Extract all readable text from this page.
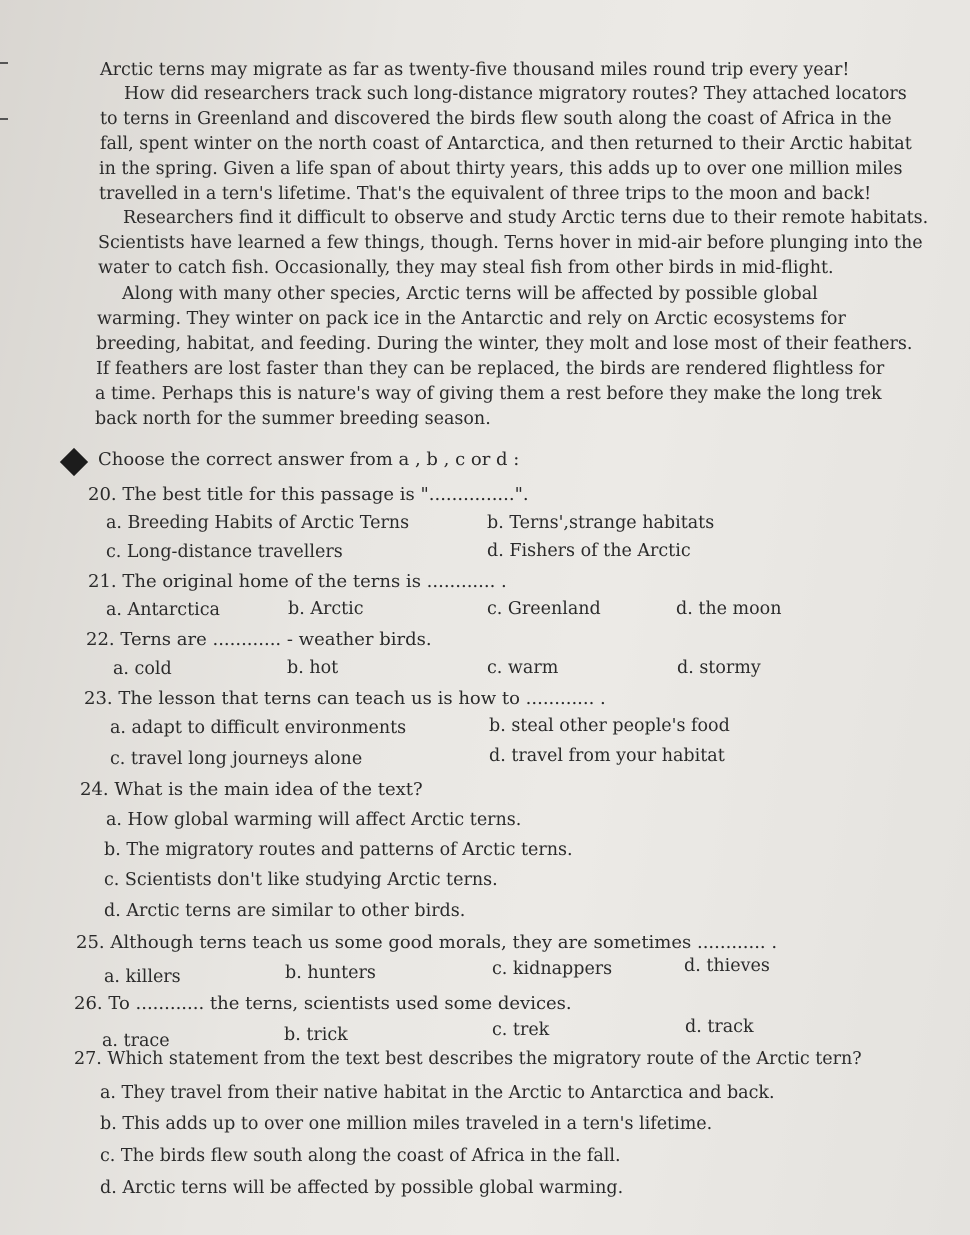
Arctic terns may migrate as far as twenty-five thousand miles round trip every year!
How did researchers track such long-distance migratory routes? They attached locators
to terns in Greenland and discovered the birds flew south along the coast of Africa in the
fall, spent winter on the north coast of Antarctica, and then returned to their Arctic habitat
in the spring. Given a life span of about thirty years, this adds up to over one million miles
travelled in a tern's lifetime. That's the equivalent of three trips to the moon and back!
Researchers find it difficult to observe and study Arctic terns due to their remote habitats.
Scientists have learned a few things, though. Terns hover in mid-air before plunging into the
water to catch fish. Occasionally, they may steal fish from other birds in mid-flight.
Along with many other species, Arctic terns will be affected by possible global
warming. They winter on pack ice in the Antarctic and rely on Arctic ecosystems for
breeding, habitat, and feeding. During the winter, they molt and lose most of their feathers.
If feathers are lost faster than they can be replaced, the birds are rendered flightless for
a time. Perhaps this is nature's way of giving them a rest before they make the long trek
back north for the summer breeding season.
Choose the correct answer from a , b , c or d :
20. The best title for this passage is "...............".
a. Breeding Habits of Arctic Terns	b. Terns',strange habitats
c. Long-distance travellers	d. Fishers of the Arctic
21. The original home of the terns is ............ .
a. Antarctica	b. Arctic	c. Greenland	d. the moon
22. Terns are ............ - weather birds.
a. cold	b. hot	c. warm	d. stormy
23. The lesson that terns can teach us is how to ............ .
a. adapt to difficult environments	b. steal other people's food
c. travel long journeys alone	d. travel from your habitat
24. What is the main idea of the text?
a. How global warming will affect Arctic terns.
b. The migratory routes and patterns of Arctic terns.
c. Scientists don't like studying Arctic terns.
d. Arctic terns are similar to other birds.
25. Although terns teach us some good morals, they are sometimes ............ .
a. killers	b. hunters	c. kidnappers	d. thieves
26. To ............ the terns, scientists used some devices.
a. trace	b. trick	c. trek	d. track
27. Which statement from the text best describes the migratory route of the Arctic tern?
a. They travel from their native habitat in the Arctic to Antarctica and back.
b. This adds up to over one million miles traveled in a tern's lifetime.
c. The birds flew south along the coast of Africa in the fall.
d. Arctic terns will be affected by possible global warming.
